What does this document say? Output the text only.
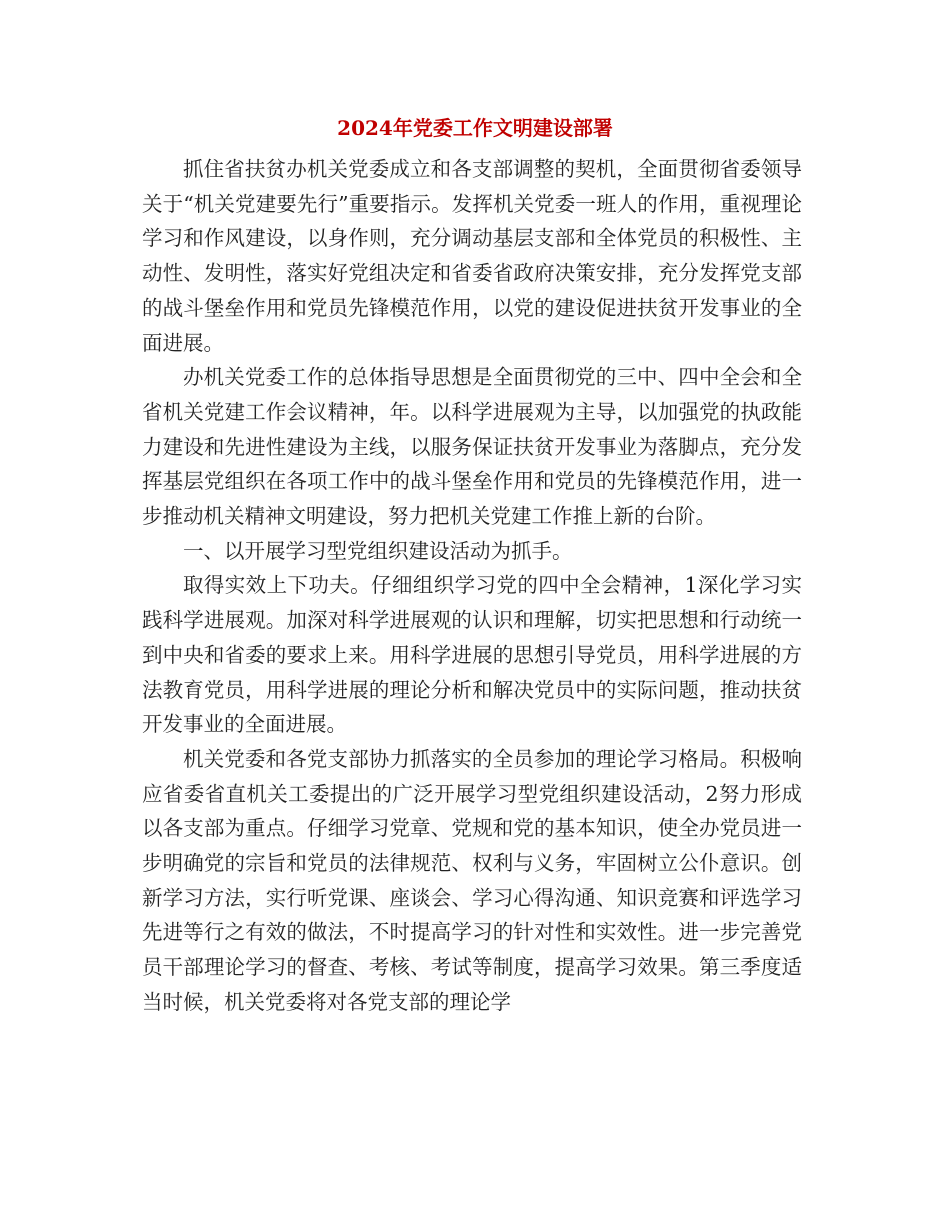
2024年党委工作文明建设部署

抓住省扶贫办机关党委成立和各支部调整的契机，全面贯彻省委领导关于“机关党建要先行”重要指示。发挥机关党委一班人的作用，重视理论学习和作风建设，以身作则，充分调动基层支部和全体党员的积极性、主动性、发明性，落实好党组决定和省委省政府决策安排，充分发挥党支部的战斗堡垒作用和党员先锋模范作用，以党的建设促进扶贫开发事业的全面进展。

办机关党委工作的总体指导思想是全面贯彻党的三中、四中全会和全省机关党建工作会议精神，年。以科学进展观为主导，以加强党的执政能力建设和先进性建设为主线，以服务保证扶贫开发事业为落脚点，充分发挥基层党组织在各项工作中的战斗堡垒作用和党员的先锋模范作用，进一步推动机关精神文明建设，努力把机关党建工作推上新的台阶。

一、以开展学习型党组织建设活动为抓手。

取得实效上下功夫。仔细组织学习党的四中全会精神，1深化学习实践科学进展观。加深对科学进展观的认识和理解，切实把思想和行动统一到中央和省委的要求上来。用科学进展的思想引导党员，用科学进展的方法教育党员，用科学进展的理论分析和解决党员中的实际问题，推动扶贫开发事业的全面进展。

机关党委和各党支部协力抓落实的全员参加的理论学习格局。积极响应省委省直机关工委提出的广泛开展学习型党组织建设活动，2努力形成以各支部为重点。仔细学习党章、党规和党的基本知识，使全办党员进一步明确党的宗旨和党员的法律规范、权利与义务，牢固树立公仆意识。创新学习方法，实行听党课、座谈会、学习心得沟通、知识竞赛和评选学习先进等行之有效的做法，不时提高学习的针对性和实效性。进一步完善党员干部理论学习的督查、考核、考试等制度，提高学习效果。第三季度适当时候，机关党委将对各党支部的理论学
